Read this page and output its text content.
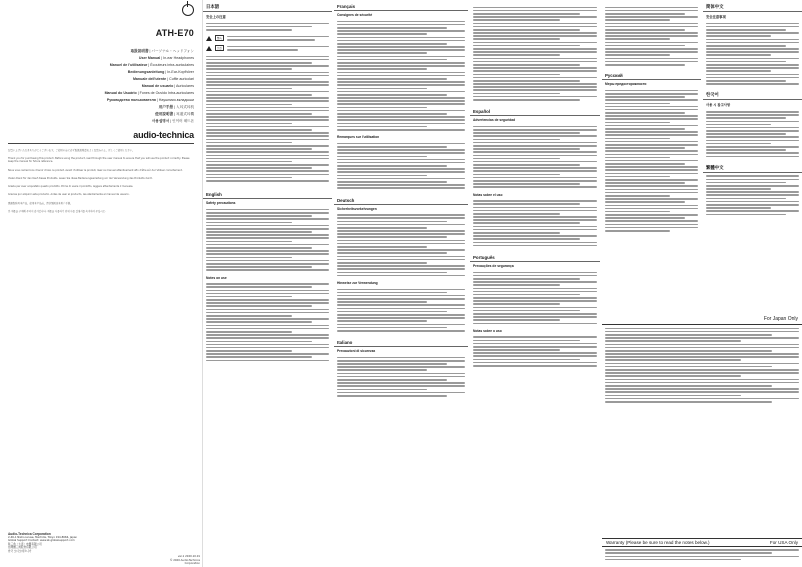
ATH-E70
取扱説明書 | パーソナル・ヘッドフォン
User Manual | In-ear Headphones
Manuel de l'utilisateur | Écouteurs intra-auriculaires
Bedienungsanleitung | In-Ear-Kopfhörer
Manuale dell'utente | Cuffie auricolari
Manual de usuario | Auriculares
Manual do Usuário | Fones de Ouvido Intra-auriculares
Руководство пользователя | Наушники-вкладыши
用户手册 | 入耳式耳机
使用說明書 | 耳道式耳機
사용설명서 | 인이어 헤드폰
audio-technica
お買い上げいただきありがとうございます。ご使用の前に必ず取扱説明書をよくお読みの上、正しくご使用ください。
Thank you for purchasing this product. Before using the product, read through the user manual to ensure that you will use the product correctly. Please keep the manual for future reference.
Nous vous remercions d'avoir choisi ce produit. Avant d'utiliser le produit, lisez ce manuel attentivement afin d'être sûr de l'utiliser correctement.
Vielen Dank für den Kauf dieses Produkts. Lesen Sie diese Bedienungsanleitung vor der Verwendung des Produkts durch.
Grazie per aver acquistato questo prodotto. Prima di usare il prodotto, leggere attentamente il manuale.
Gracias por adquirir este producto. Antes de usar el producto, lea atentamente el manual de usuario.
感谢您购买本产品。使用本产品前，请仔细阅读本用户手册。
본 제품을 구매해 주셔서 감사합니다. 제품을 사용하기 전에 사용 설명서를 숙지하여 주십시오.
Audio-Technica Corporation
2-46-1 Nishi-naruse, Machida, Tokyo 194-8666, Japan
Global Support Contact: www.at-globalsupport.com
铁三角（大连）电器有限公司
台灣鐵三角股份有限公司
한국 오디오테크니카
ver.1 2020.10.01
© 2020 Audio-Technica Corporation
日本語
安全上の注意
警告
注意
English
Safety precautions
Notes on use
Français
Consignes de sécurité
Remarques sur l'utilisation
Deutsch
Sicherheitsvorkehrungen
Hinweise zur Verwendung
Italiano
Precauzioni di sicurezza
Español
Advertencias de seguridad
Notas sobre el uso
Português
Precauções de segurança
Notas sobre o uso
Русский
Меры предосторожности
简体中文
安全注意事项
한국어
사용 시 참고사항
繁體中文
For Japan Only
Warranty (Please be sure to read the notes below.)	For USA Only
